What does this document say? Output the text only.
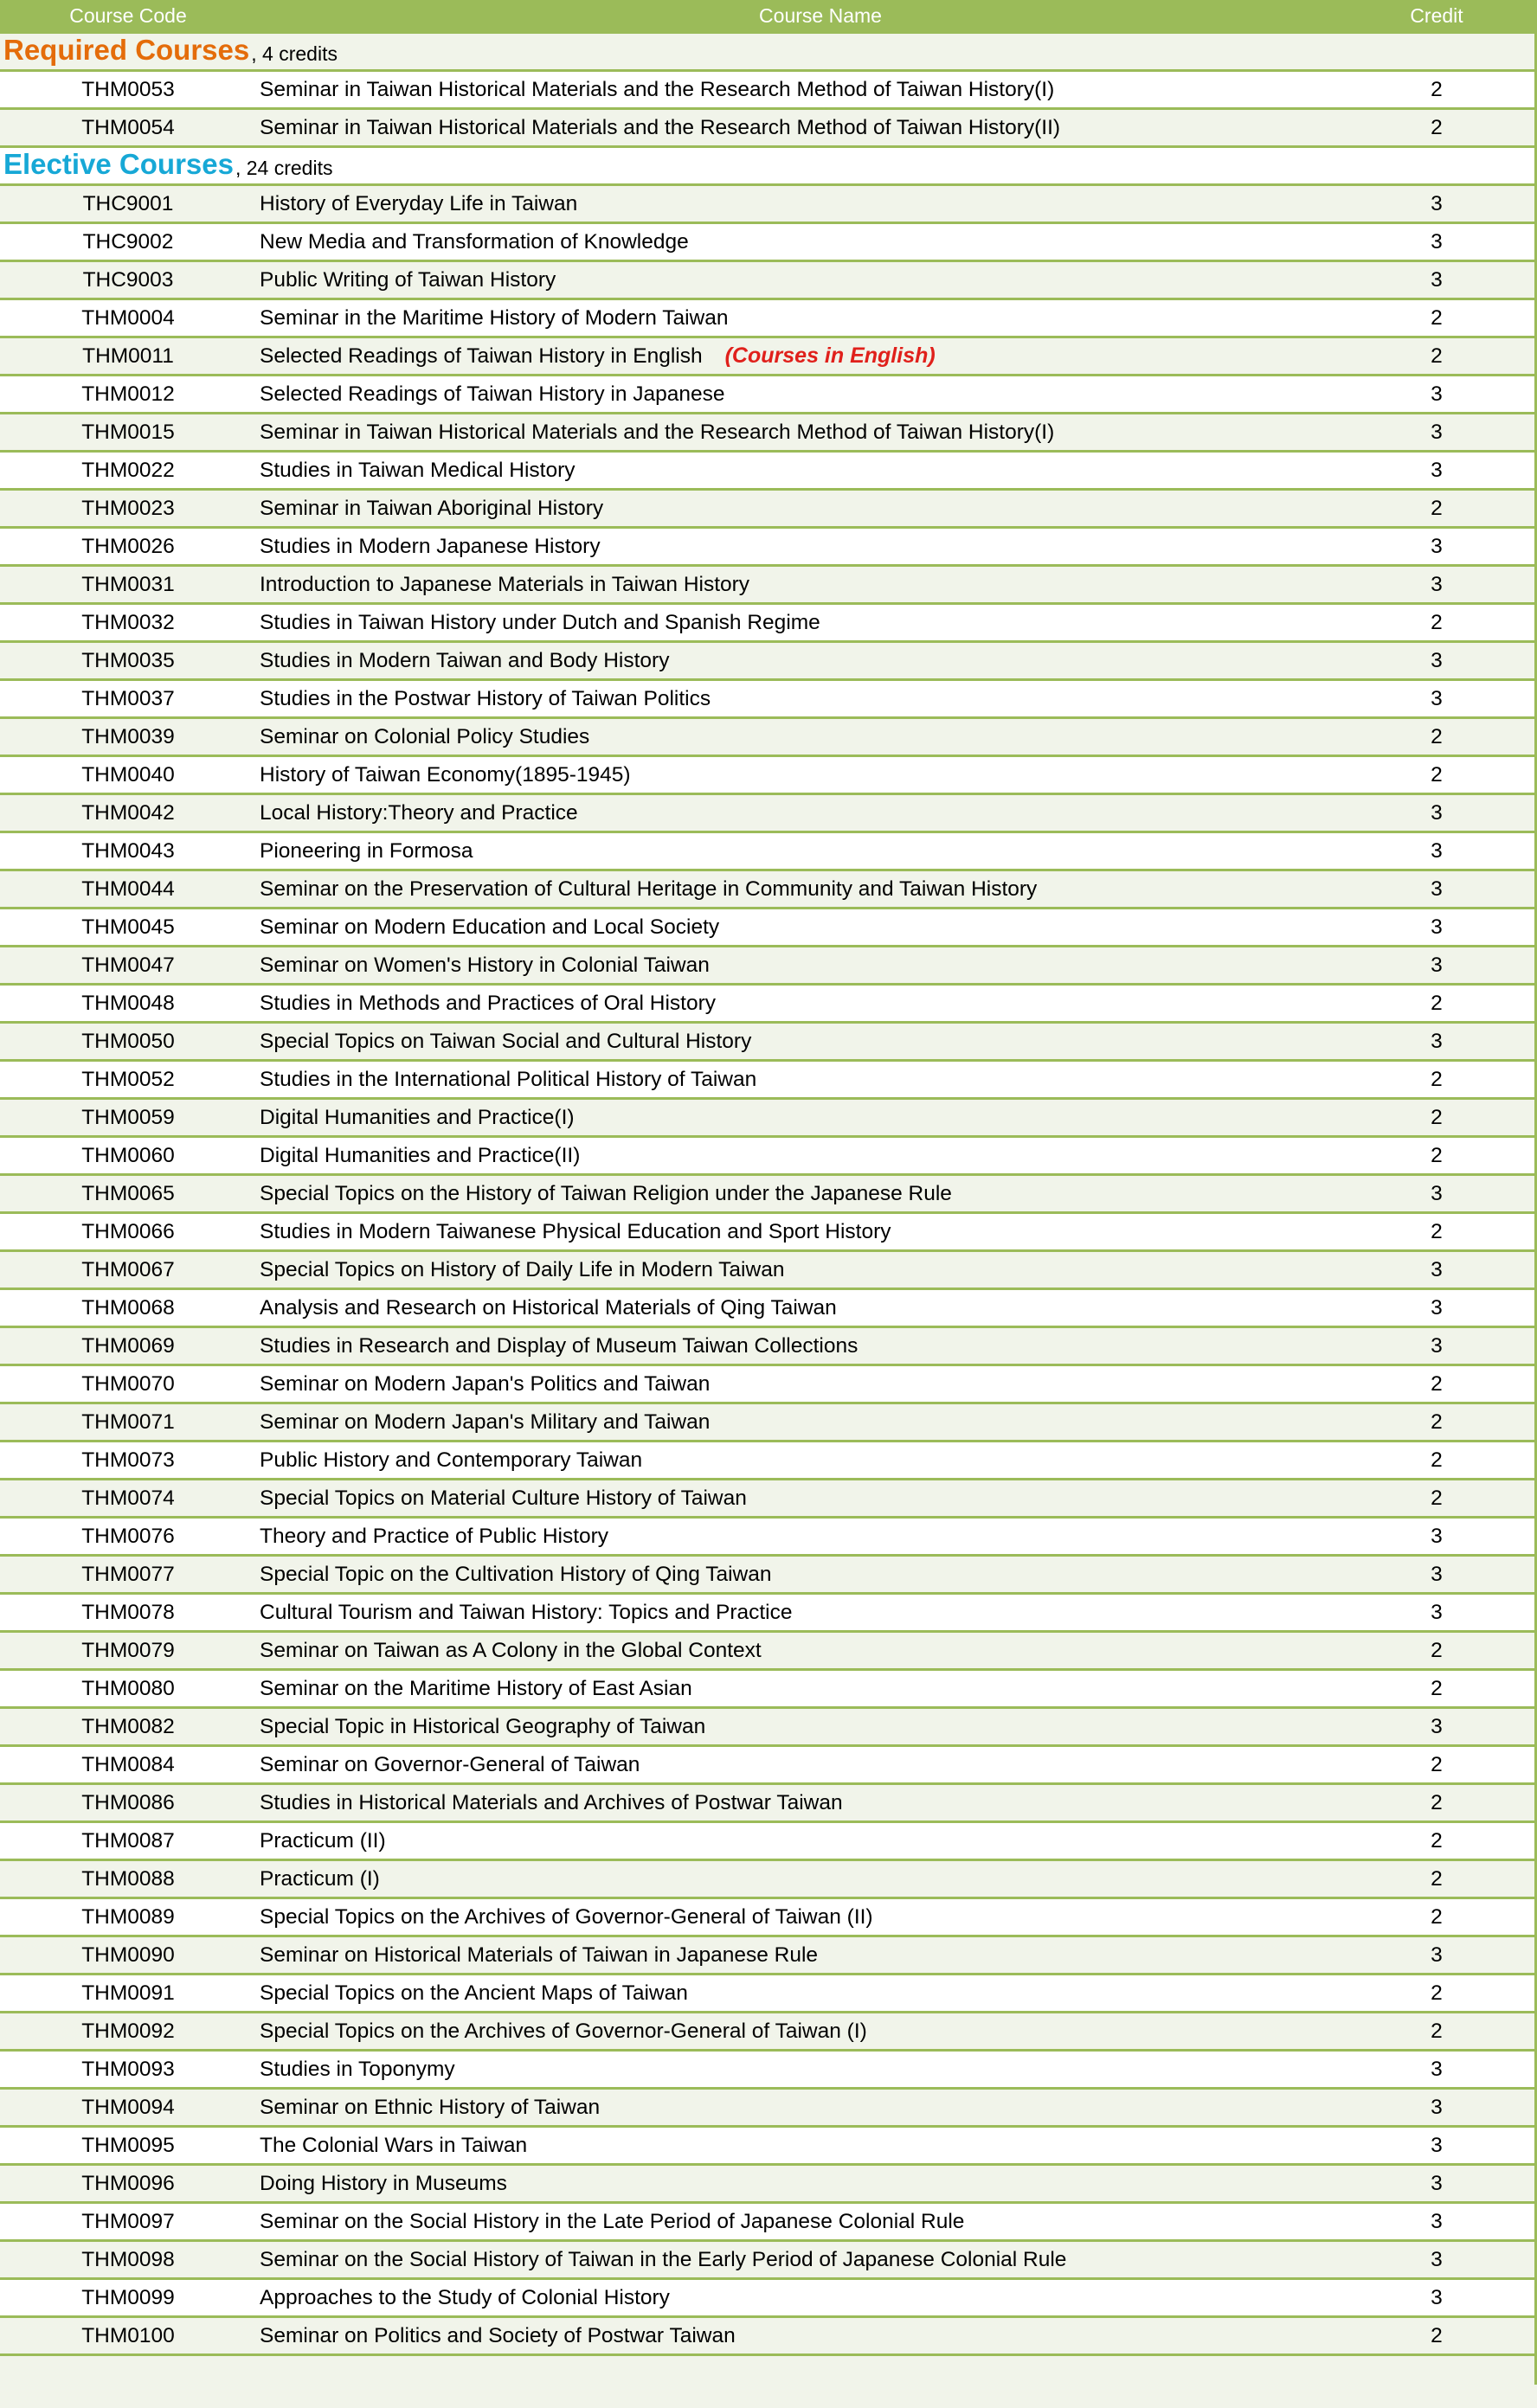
Course Code	Course Name	Credit
Required Courses , 4 credits
THM0053	Seminar in Taiwan Historical Materials and the Research Method of Taiwan History(I)	2
THM0054	Seminar in Taiwan Historical Materials and the Research Method of Taiwan History(II)	2
Elective Courses , 24 credits
THC9001	History of Everyday Life in Taiwan	3
THC9002	New Media and Transformation of Knowledge	3
THC9003	Public Writing of Taiwan History	3
THM0004	Seminar in the Maritime History of Modern Taiwan	2
THM0011	Selected Readings of Taiwan History in English (Courses in English)	2
THM0012	Selected Readings of Taiwan History in Japanese	3
THM0015	Seminar in Taiwan Historical Materials and the Research Method of Taiwan History(I)	3
THM0022	Studies in Taiwan Medical History	3
THM0023	Seminar in Taiwan Aboriginal History	2
THM0026	Studies in Modern Japanese History	3
THM0031	Introduction to Japanese Materials in Taiwan History	3
THM0032	Studies in Taiwan History under Dutch and Spanish Regime	2
THM0035	Studies in Modern Taiwan and Body History	3
THM0037	Studies in the Postwar History of Taiwan Politics	3
THM0039	Seminar on Colonial Policy Studies	2
THM0040	History of Taiwan Economy(1895-1945)	2
THM0042	Local History:Theory and Practice	3
THM0043	Pioneering in Formosa	3
THM0044	Seminar on the Preservation of Cultural Heritage in Community and Taiwan History	3
THM0045	Seminar on Modern Education and Local Society	3
THM0047	Seminar on Women's History in Colonial Taiwan	3
THM0048	Studies in Methods and Practices of Oral History	2
THM0050	Special Topics on Taiwan Social and Cultural History	3
THM0052	Studies in the International Political History of Taiwan	2
THM0059	Digital Humanities and Practice(I)	2
THM0060	Digital Humanities and Practice(II)	2
THM0065	Special Topics on the History of Taiwan Religion under the Japanese Rule	3
THM0066	Studies in Modern Taiwanese Physical Education and Sport History	2
THM0067	Special Topics on History of Daily Life in Modern Taiwan	3
THM0068	Analysis and Research on Historical Materials of Qing Taiwan	3
THM0069	Studies in Research and Display of Museum Taiwan Collections	3
THM0070	Seminar on Modern Japan's Politics and Taiwan	2
THM0071	Seminar on Modern Japan's Military and Taiwan	2
THM0073	Public History and Contemporary Taiwan	2
THM0074	Special Topics on Material Culture History of Taiwan	2
THM0076	Theory and Practice of Public History	3
THM0077	Special Topic on the Cultivation History of Qing Taiwan	3
THM0078	Cultural Tourism and Taiwan History: Topics and Practice	3
THM0079	Seminar on Taiwan as A Colony in the Global Context	2
THM0080	Seminar on the Maritime History of East Asian	2
THM0082	Special Topic in Historical Geography of Taiwan	3
THM0084	Seminar on Governor-General of Taiwan	2
THM0086	Studies in Historical Materials and Archives of Postwar Taiwan	2
THM0087	Practicum (II)	2
THM0088	Practicum (I)	2
THM0089	Special Topics on the Archives of Governor-General of Taiwan (II)	2
THM0090	Seminar on Historical Materials of Taiwan in Japanese Rule	3
THM0091	Special Topics on the Ancient Maps of Taiwan	2
THM0092	Special Topics on the Archives of Governor-General of Taiwan (I)	2
THM0093	Studies in Toponymy	3
THM0094	Seminar on Ethnic History of Taiwan	3
THM0095	The Colonial Wars in Taiwan	3
THM0096	Doing History in Museums	3
THM0097	Seminar on the Social History in the Late Period of Japanese Colonial Rule	3
THM0098	Seminar on the Social History of Taiwan in the Early Period of Japanese Colonial Rule	3
THM0099	Approaches to the Study of Colonial History	3
THM0100	Seminar on Politics and Society of Postwar Taiwan	2
